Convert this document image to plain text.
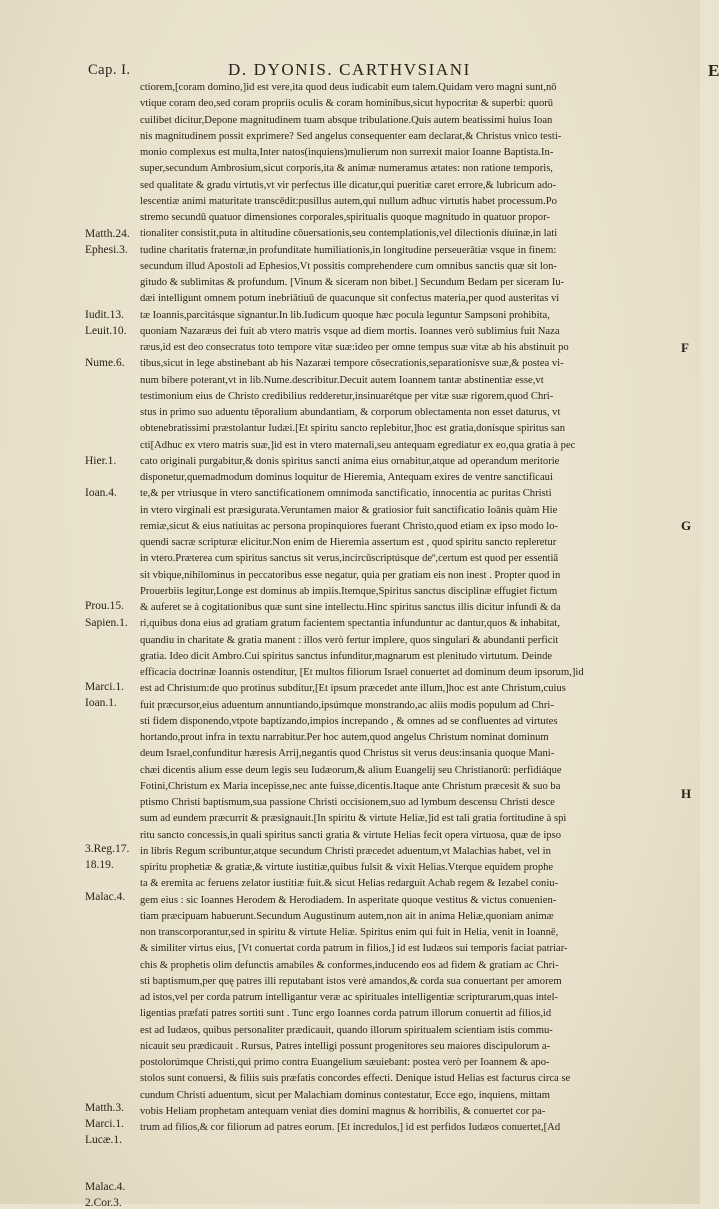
Cap. I.	D. DYONIS. CARTHVSIANI	E
Matth.24.
Ephesi.3.
Iudit.13.
Leuit.10.
Nume.6.
Hier.1.
Ioan.4.
Prou.15.
Sapien.1.
Marci.1.
Ioan.1.
3.Reg.17.
18.19.
Malac.4.
Matth.3.
Marci.1.
Lucæ.1.
Malac.4.
2.Cor.3.
F
G
H
ctiorem,[coram domino,]id est vere,ita quod deus iudicabit eum talem.Quidam vero magni sunt,nō
vtique coram deo,sed coram propriis oculis & coram hominibus,sicut hypocritæ & superbi: quorū
cuilibet dicitur,Depone magnitudinem tuam absque tribulatione.Quis autem beatissimi huius Ioan
nis magnitudinem possit exprimere? Sed angelus consequenter eam declarat,& Christus vnico testi-
monio complexus est multa,Inter natos(inquiens)mulierum non surrexit maior Ioanne Baptista.In-
super,secundum Ambrosium,sicut corporis,ita & animæ numeramus ætates: non ratione temporis,
sed qualitate & gradu virtutis,vt vir perfectus ille dicatur,qui pueritiæ caret errore,& lubricum ado-
lescentiæ animi maturitate transcēdit:pusillus autem,qui nullum adhuc virtutis habet processum.Po
stremo secundū quatuor dimensiones corporales,spiritualis quoque magnitudo in quatuor propor-
tionaliter consistit,puta in altitudine cōuersationis,seu contemplationis,vel dilectionis diuinæ,in lati
tudine charitatis fraternæ,in profunditate humiliationis,in longitudine perseuerātiæ vsque in finem:
secundum illud Apostoli ad Ephesios,Vt possitis comprehendere cum omnibus sanctis quæ sit lon-
gitudo & sublimitas & profundum. [Vinum & siceram non bibet.] Secundum Bedam per siceram Iu-
dæi intelligunt omnem potum inebriātiuū de quacunque sit confectus materia,per quod austeritas vi
tæ Ioannis,parcitásque signantur.In lib.Iudicum quoque hæc pocula leguntur Sampsoni prohibita,
quoniam Nazaræus dei fuit ab vtero matris vsque ad diem mortis. Ioannes verò sublimius fuit Naza
ræus,id est deo consecratus toto tempore vitæ suæ:ideo per omne tempus suæ vitæ ab his abstinuit po
tibus,sicut in lege abstinebant ab his Nazaræi tempore cōsecrationis,separationísve suæ,& postea vi-
num bibere poterant,vt in lib.Nume.describitur.Decuit autem Ioannem tantæ abstinentiæ esse,vt
testimonium eius de Christo credibilius redderetur,insinuarétque per vitæ suæ rigorem,quod Chri-
stus in primo suo aduentu tēporalium abundantiam, & corporum oblectamenta non esset daturus, vt
obtenebratissimi præstolantur Iudæi.[Et spiritu sancto replebitur,]hoc est gratia,donísque spiritus san
cti[Adhuc ex vtero matris suæ,]id est in vtero maternali,seu antequam egrediatur ex eo,qua gratia à pec
cato originali purgabitur,& donis spiritus sancti anima eius ornabitur,atque ad operandum meritorie
disponetur,quemadmodum dominus loquitur de Hieremia, Antequam exires de ventre sanctificaui
te,& per vtriusque in vtero sanctificationem omnimoda sanctificatio, innocentia ac puritas Christi
in vtero virginali est præsigurata.Veruntamen maior & gratiosior fuit sanctificatio Ioānis quàm Hie
remiæ,sicut & eius natiuitas ac persona propinquiores fuerant Christo,quod etiam ex ipso modo lo-
quendi sacræ scripturæ elicitur.Non enim de Hieremia assertum est , quod spiritu sancto repleretur
in vtero.Præterea cum spiritus sanctus sit verus,incircūscriptúsque deº,certum est quod per essentiā
sit vbique,nihilominus in peccatoribus esse negatur, quia per gratiam eis non inest . Propter quod in
Prouerbiis legitur,Longe est dominus ab impiis.Itemque,Spiritus sanctus disciplinæ effugiet fictum
& auferet se à cogitationibus quæ sunt sine intellectu.Hinc spiritus sanctus illis dicitur infundi & da
ri,quibus dona eius ad gratiam gratum facientem spectantia infunduntur ac dantur,quos & inhabitat,
quandiu in charitate & gratia manent : illos verò fertur implere, quos singulari & abundanti perficit
gratia. Ideo dicit Ambro.Cui spiritus sanctus infunditur,magnarum est plenitudo virtutum. Deinde
efficacia doctrinæ Ioannis ostenditur, [Et multos filiorum Israel conuertet ad dominum deum ipsorum,]id
est ad Christum:de quo protinus subditur,[Et ipsum præcedet ante illum,]hoc est ante Christum,cuius
fuit præcursor,eius aduentum annuntiando,ipsúmque monstrando,ac aliis modis populum ad Chri-
sti fidem disponendo,vtpote baptizando,impios increpando , & omnes ad se confluentes ad virtutes
hortando,prout infra in textu narrabitur.Per hoc autem,quod angelus Christum nominat dominum
deum Israel,confunditur hæresis Arrij,negantis quod Christus sit verus deus:insania quoque Mani-
chæi dicentis alium esse deum legis seu Iudæorum,& alium Euangelij seu Christianorū: perfidiáque
Fotini,Christum ex Maria incepisse,nec ante fuisse,dicentis.Itaque ante Christum præcesit & suo ba
ptismo Christi baptismum,sua passione Christi occisionem,suo ad lymbum descensu Christi desce
sum ad eundem præcurrit & præsignauit.[In spiritu & virtute Heliæ,]id est tali gratia fortitudine à spi
ritu sancto concessis,in quali spiritus sancti gratia & virtute Helias fecit opera virtuosa, quæ de ipso
in libris Regum scribuntur,atque secundum Christi præcedet aduentum,vt Malachias habet, vel in
spiritu prophetiæ & gratiæ,& virtute iustitiæ,quibus fulsit & vixit Helias.Vterque equidem prophe
ta & eremita ac feruens zelator iustitiæ fuit.& sicut Helias redarguit Achab regem & Iezabel coniu-
gem eius : sic Ioannes Herodem & Herodiadem. In asperitate quoque vestitus & victus conuenien-
tiam præcipuam habuerunt.Secundum Augustinum autem,non ait in anima Heliæ,quoniam animæ
non transcorporantur,sed in spiritu & virtute Heliæ. Spiritus enim qui fuit in Helia, venit in Ioannē,
& similiter virtus eius, [Vt conuertat corda patrum in filios,] id est Iudæos sui temporis faciat patriar-
chis & prophetis olim defunctis amabiles & conformes,inducendo eos ad fidem & gratiam ac Chri-
sti baptismum,per quę patres illi reputabant istos verè amandos,& corda sua conuertant per amorem
ad istos,vel per corda patrum intelligantur veræ ac spirituales intelligentiæ scripturarum,quas intel-
ligentias præfati patres sortiti sunt . Tunc ergo Ioannes corda patrum illorum conuertit ad filios,id
est ad Iudæos, quibus personaliter prædicauit, quando illorum spiritualem scientiam istis commu-
nicauit seu prædicauit . Rursus, Patres intelligi possunt progenitores seu maiores discipulorum a-
postolorúmque Christi,qui primo contra Euangelium sæuiebant: postea verò per Ioannem & apo-
stolos sunt conuersi, & filiis suis præfatis concordes effecti. Denique istud Helias est facturus circa se
cundum Christi aduentum, sicut per Malachiam dominus contestatur, Ecce ego, inquiens, mittam
vobis Heliam prophetam antequam veniat dies domini magnus & horribilis, & conuertet cor pa-
trum ad filios,& cor filiorum ad patres eorum. [Et incredulos,] id est perfidos Iudæos conuertet,[Ad
